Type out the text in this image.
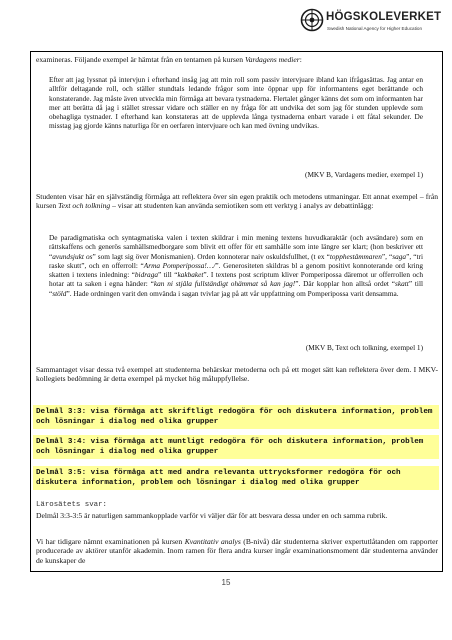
HÖGSKOLEVERKET
Swedish National Agency for Higher Education

examineras. Följande exempel är hämtat från en tentamen på kursen Vardagens medier:

Efter att jag lyssnat på intervjun i efterhand insåg jag att min roll som passiv intervjuare ibland kan ifrågasättas. Jag antar en alltför deltagande roll, och ställer stundtals ledande frågor som inte öppnar upp för informantens eget berättande och konstaterande. Jag måste även utveckla min förmåga att bevara tystnaderna. Flertalet gånger känns det som om informanten har mer att berätta då jag i stället stressar vidare och ställer en ny fråga för att undvika det som jag för stunden upplevde som obehagliga tystnader. I efterhand kan konstateras att de upplevda långa tystnaderna enbart varade i ett fåtal sekunder. De misstag jag gjorde känns naturliga för en oerfaren intervjuare och kan med övning undvikas.
(MKV B, Vardagens medier, exempel 1)

Studenten visar här en självständig förmåga att reflektera över sin egen praktik och metodens utmaningar. Ett annat exempel – från kursen Text och tolkning – visar att studenten kan använda semiotiken som ett verktyg i analys av debattinlägg:

De paradigmatiska och syntagmatiska valen i texten skildrar i min mening textens huvudkaraktär (och avsändare) som en rättskaffens och generös samhällsmedborgare som blivit ett offer för ett samhälle som inte längre ser klart; (hon beskriver ett “avundsjukt os” som lagt sig över Monismanien). Orden konnoterar naiv oskuldsfullhet, (t ex “topphestämmaren”, “saga”, “tri raske skutt”, och en offerroll: “Arma Pomperipossa!…/”. Generositeten skildras bl a genom positivt konnoterande ord kring skatten i textens inledning: “bidraga” till “kakbaket”. I textens post scriptum kliver Pomperipossa däremot ur offerrollen och hotar att ta saken i egna händer: “kan ni stjäla fullständigt ohämmat så kan jag!”. Där kopplar hon alltså ordet “skatt” till “stöld”. Hade ordningen varit den omvända i sagan tvivlar jag på att vår uppfattning om Pomperipossa varit densamma.
(MKV B, Text och tolkning, exempel 1)

Sammantaget visar dessa två exempel att studenterna behärskar metoderna och på ett moget sätt kan reflektera över dem. I MKV-kollegiets bedömning är detta exempel på mycket hög måluppfyllelse.

Delmål 3:3: visa förmåga att skriftligt redogöra för och diskutera information, problem och lösningar i dialog med olika grupper
Delmål 3:4: visa förmåga att muntligt redogöra för och diskutera information, problem och lösningar i dialog med olika grupper
Delmål 3:5: visa förmåga att med andra relevanta uttrycksformer redogöra för och diskutera information, problem och lösningar i dialog med olika grupper
Lärosätets svar:

Delmål 3:3-3:5 är naturligen sammankopplade varför vi väljer där för att besvara dessa under en och samma rubrik.

Vi har tidigare nämnt examinationen på kursen Kvantitativ analys (B-nivå) där studenterna skriver expertutlåtanden om rapporter producerade av aktörer utanför akademin. Inom ramen för flera andra kurser ingår examinationsmoment där studenterna använder de kunskaper de

15
